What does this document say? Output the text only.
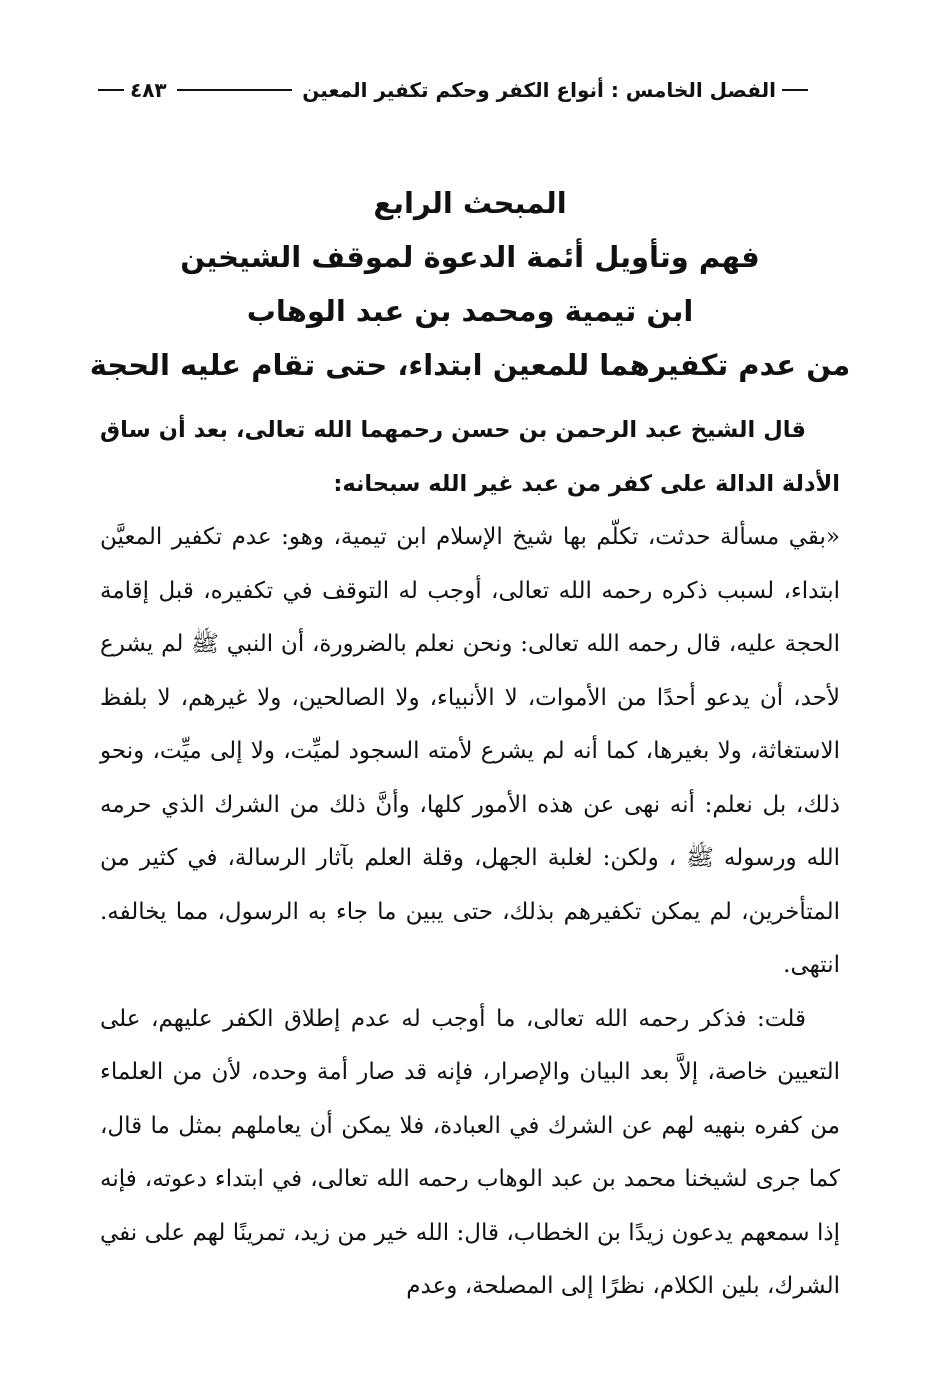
الفصل الخامس : أنواع الكفر وحكم تكفير المعين
٤٨٣
المبحث الرابع
فهم وتأويل أئمة الدعوة لموقف الشيخين
ابن تيمية ومحمد بن عبد الوهاب
من عدم تكفيرهما للمعين ابتداء، حتى تقام عليه الحجة

قال الشيخ عبد الرحمن بن حسن رحمهما الله تعالى، بعد أن ساق الأدلة الدالة على كفر من عبد غير الله سبحانه:

«بقي مسألة حدثت، تكلّم بها شيخ الإسلام ابن تيمية، وهو: عدم تكفير المعيَّن ابتداء، لسبب ذكره رحمه الله تعالى، أوجب له التوقف في تكفيره، قبل إقامة الحجة عليه، قال رحمه الله تعالى: ونحن نعلم بالضرورة، أن النبي ﷺ لم يشرع لأحد، أن يدعو أحدًا من الأموات، لا الأنبياء، ولا الصالحين، ولا غيرهم، لا بلفظ الاستغاثة، ولا بغيرها، كما أنه لم يشرع لأمته السجود لميِّت، ولا إلى ميِّت، ونحو ذلك، بل نعلم: أنه نهى عن هذه الأمور كلها، وأنَّ ذلك من الشرك الذي حرمه الله ورسوله ﷺ ، ولكن: لغلبة الجهل، وقلة العلم بآثار الرسالة، في كثير من المتأخرين، لم يمكن تكفيرهم بذلك، حتى يبين ما جاء به الرسول، مما يخالفه. انتهى.

قلت: فذكر رحمه الله تعالى، ما أوجب له عدم إطلاق الكفر عليهم، على التعيين خاصة، إلاَّ بعد البيان والإصرار، فإنه قد صار أمة وحده، لأن من العلماء من كفره بنهيه لهم عن الشرك في العبادة، فلا يمكن أن يعاملهم بمثل ما قال، كما جرى لشيخنا محمد بن عبد الوهاب رحمه الله تعالى، في ابتداء دعوته، فإنه إذا سمعهم يدعون زيدًا بن الخطاب، قال: الله خير من زيد، تمرينًا لهم على نفي الشرك، بلين الكلام، نظرًا إلى المصلحة، وعدم
